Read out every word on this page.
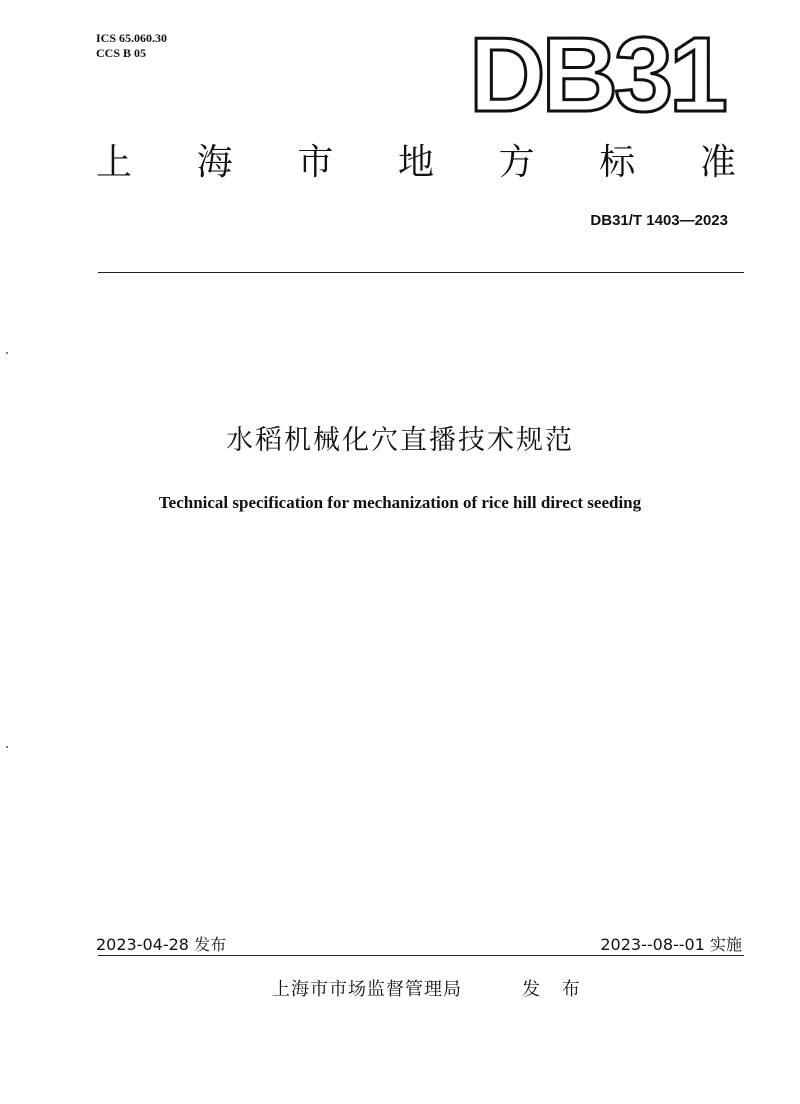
ICS 65.060.30
CCS B 05	DB31
上 海 市 地 方 标 准
DB31/T 1403—2023
水稻机械化穴直播技术规范
Technical specification for mechanization of rice hill direct seeding
2023-04-28 发布	2023--08--01 实施
上海市市场监督管理局	发 布
